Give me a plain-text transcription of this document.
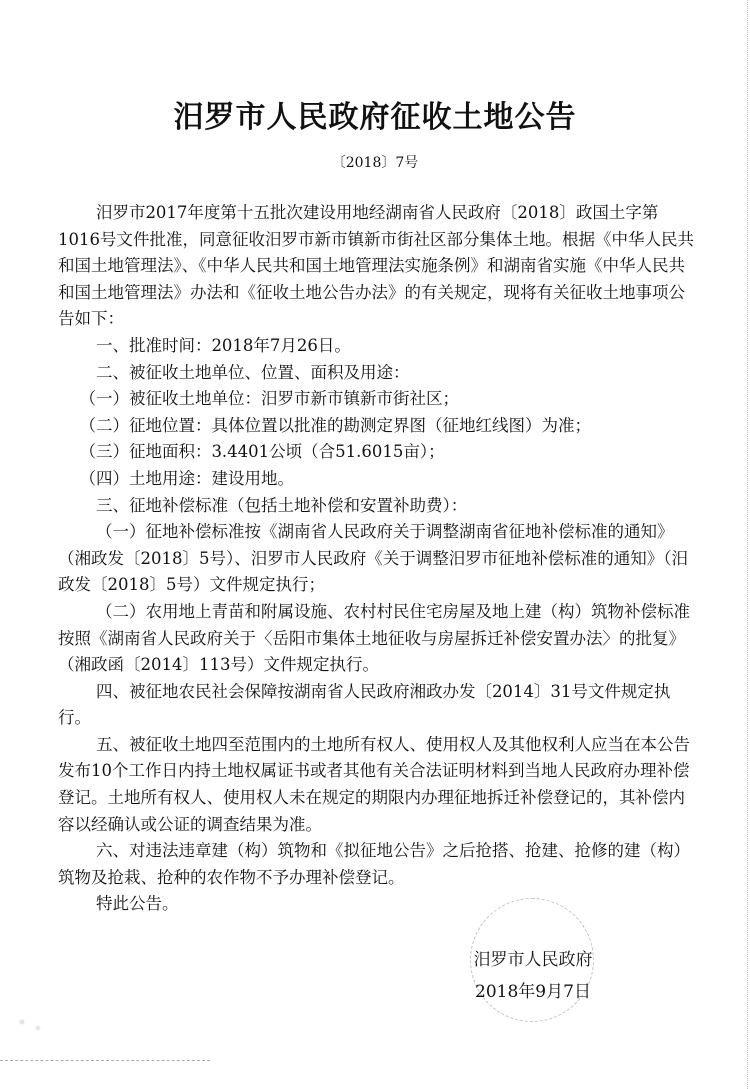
汨罗市人民政府征收土地公告
〔2018〕7号

汨罗市2017年度第十五批次建设用地经湖南省人民政府〔2018〕政国土字第1016号文件批准，同意征收汨罗市新市镇新市街社区部分集体土地。根据《中华人民共和国土地管理法》、《中华人民共和国土地管理法实施条例》和湖南省实施《中华人民共和国土地管理法》办法和《征收土地公告办法》的有关规定，现将有关征收土地事项公告如下：

一、批准时间：2018年7月26日。

二、被征收土地单位、位置、面积及用途：

（一）被征收土地单位：汨罗市新市镇新市街社区；

（二）征地位置：具体位置以批准的勘测定界图（征地红线图）为准；

（三）征地面积：3.4401公顷（合51.6015亩）；

（四）土地用途：建设用地。

三、征地补偿标准（包括土地补偿和安置补助费）：

（一）征地补偿标准按《湖南省人民政府关于调整湖南省征地补偿标准的通知》（湘政发〔2018〕5号）、汨罗市人民政府《关于调整汨罗市征地补偿标准的通知》（汨政发〔2018〕5号）文件规定执行；

（二）农用地上青苗和附属设施、农村村民住宅房屋及地上建（构）筑物补偿标准按照《湖南省人民政府关于〈岳阳市集体土地征收与房屋拆迁补偿安置办法〉的批复》（湘政函〔2014〕113号）文件规定执行。

四、被征地农民社会保障按湖南省人民政府湘政办发〔2014〕31号文件规定执行。

五、被征收土地四至范围内的土地所有权人、使用权人及其他权利人应当在本公告发布10个工作日内持土地权属证书或者其他有关合法证明材料到当地人民政府办理补偿登记。土地所有权人、使用权人未在规定的期限内办理征地拆迁补偿登记的，其补偿内容以经确认或公证的调查结果为准。

六、对违法违章建（构）筑物和《拟征地公告》之后抢搭、抢建、抢修的建（构）筑物及抢栽、抢种的农作物不予办理补偿登记。

特此公告。

汨罗市人民政府
2018年9月7日
